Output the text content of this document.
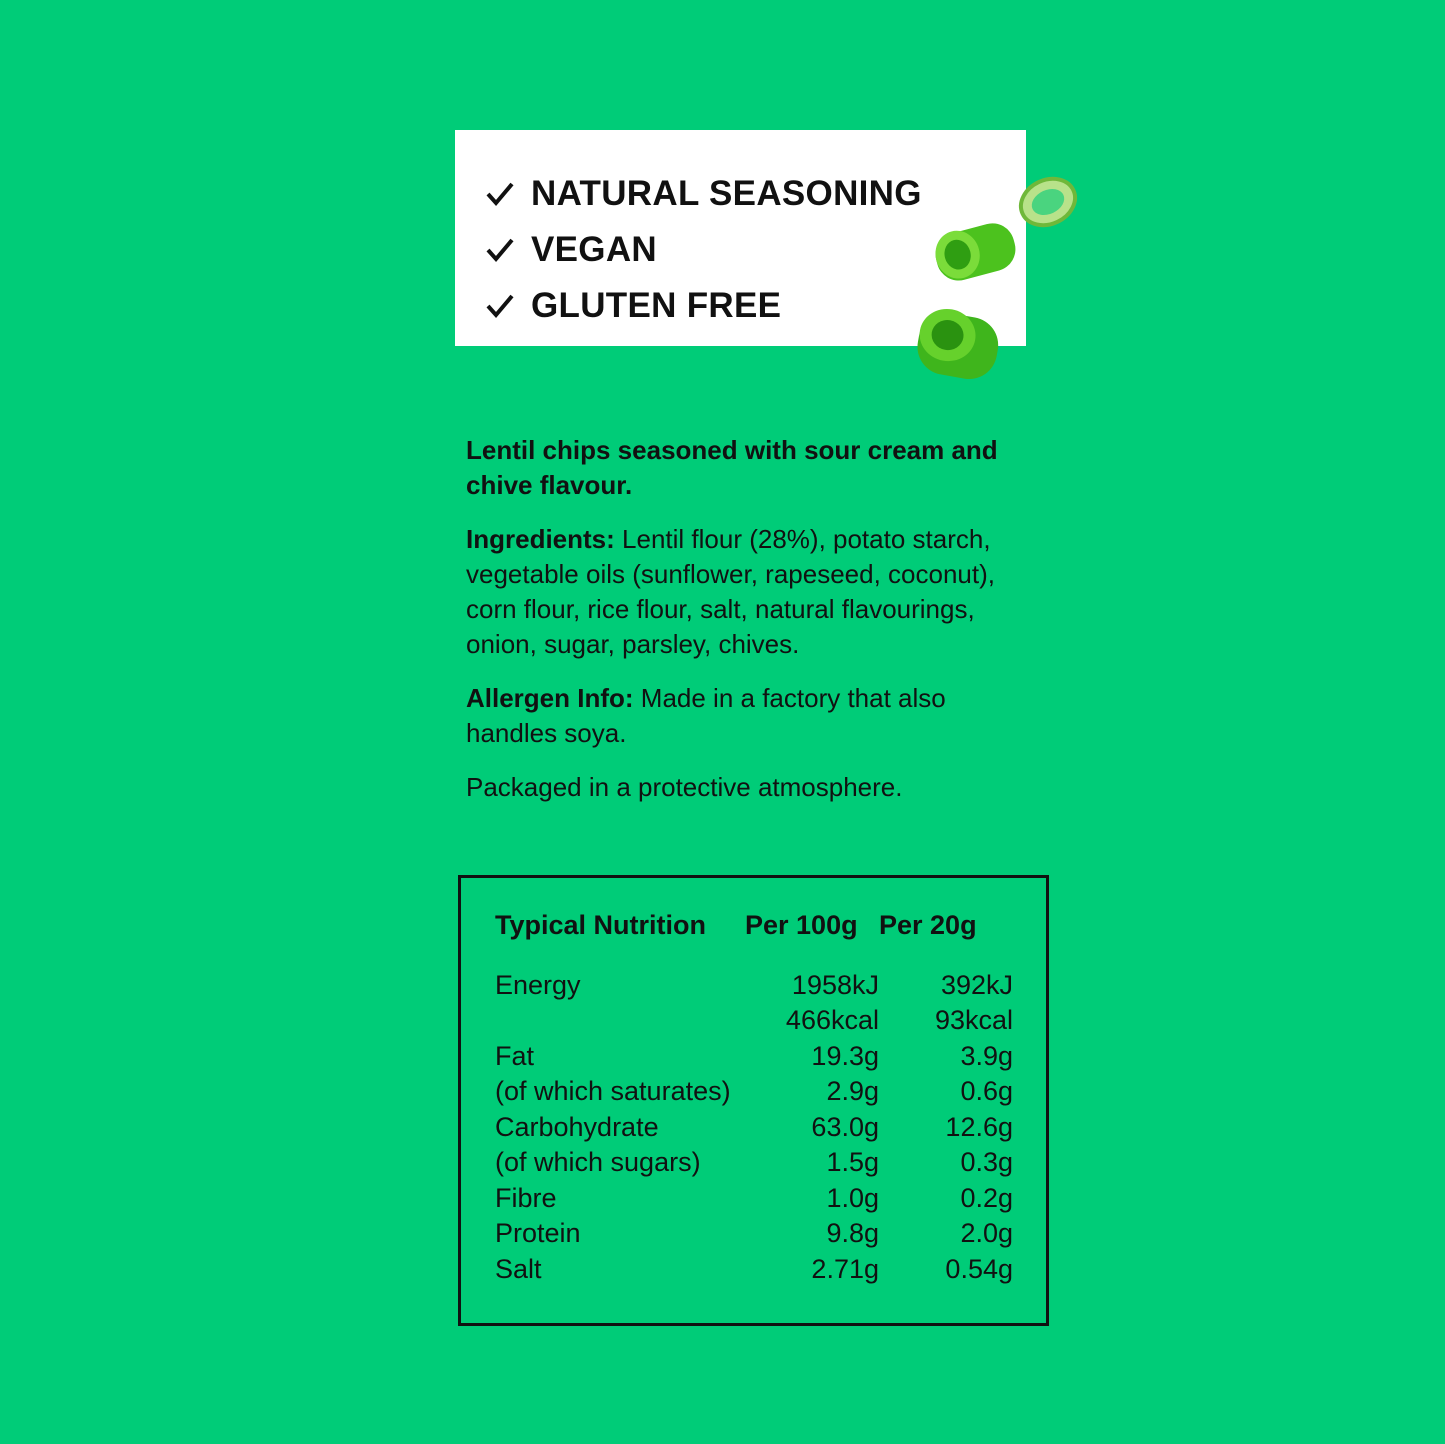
NATURAL SEASONING
VEGAN
GLUTEN FREE

Lentil chips seasoned with sour cream and chive flavour.

Ingredients: Lentil flour (28%), potato starch, vegetable oils (sunflower, rapeseed, coconut), corn flour, rice flour, salt, natural flavourings, onion, sugar, parsley, chives.

Allergen Info: Made in a factory that also handles soya.

Packaged in a protective atmosphere.

Typical Nutrition	Per 100g	Per 20g
Energy	1958kJ	392kJ
	466kcal	93kcal
Fat	19.3g	3.9g
(of which saturates)	2.9g	0.6g
Carbohydrate	63.0g	12.6g
(of which sugars)	1.5g	0.3g
Fibre	1.0g	0.2g
Protein	9.8g	2.0g
Salt	2.71g	0.54g
